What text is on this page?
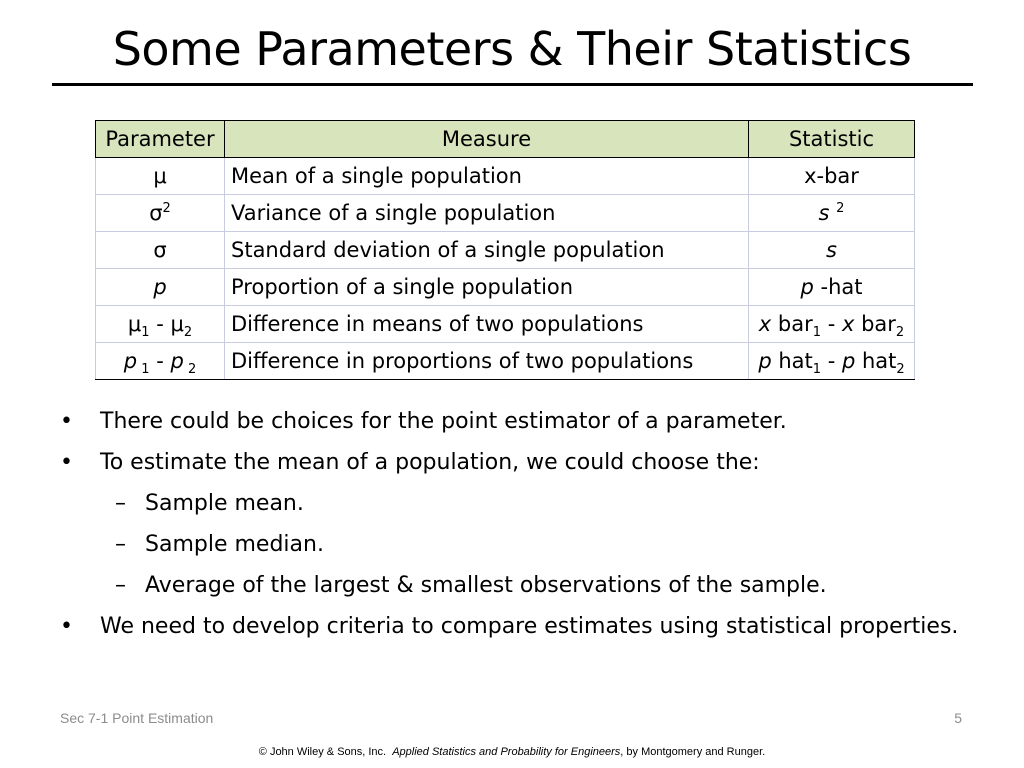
Some Parameters & Their Statistics
Parameter	Measure	Statistic
μ	Mean of a single population	x-bar
$\sigma^2$	Variance of a single population	s $^2$
σ	Standard deviation of a single population	s
p	Proportion of a single population	p -hat
$\mu_1 - \mu_2$	Difference in means of two populations	x bar$_1$ - x bar$_2$
p $_1$ - p $_2$	Difference in proportions of two populations	p hat$_1$ - p hat$_2$
• There could be choices for the point estimator of a parameter.
• To estimate the mean of a population, we could choose the:
– Sample mean.
– Sample median.
– Average of the largest & smallest observations of the sample.
• We need to develop criteria to compare estimates using statistical properties.
Sec 7-1 Point Estimation	5
© John Wiley & Sons, Inc.  Applied Statistics and Probability for Engineers, by Montgomery and Runger.
